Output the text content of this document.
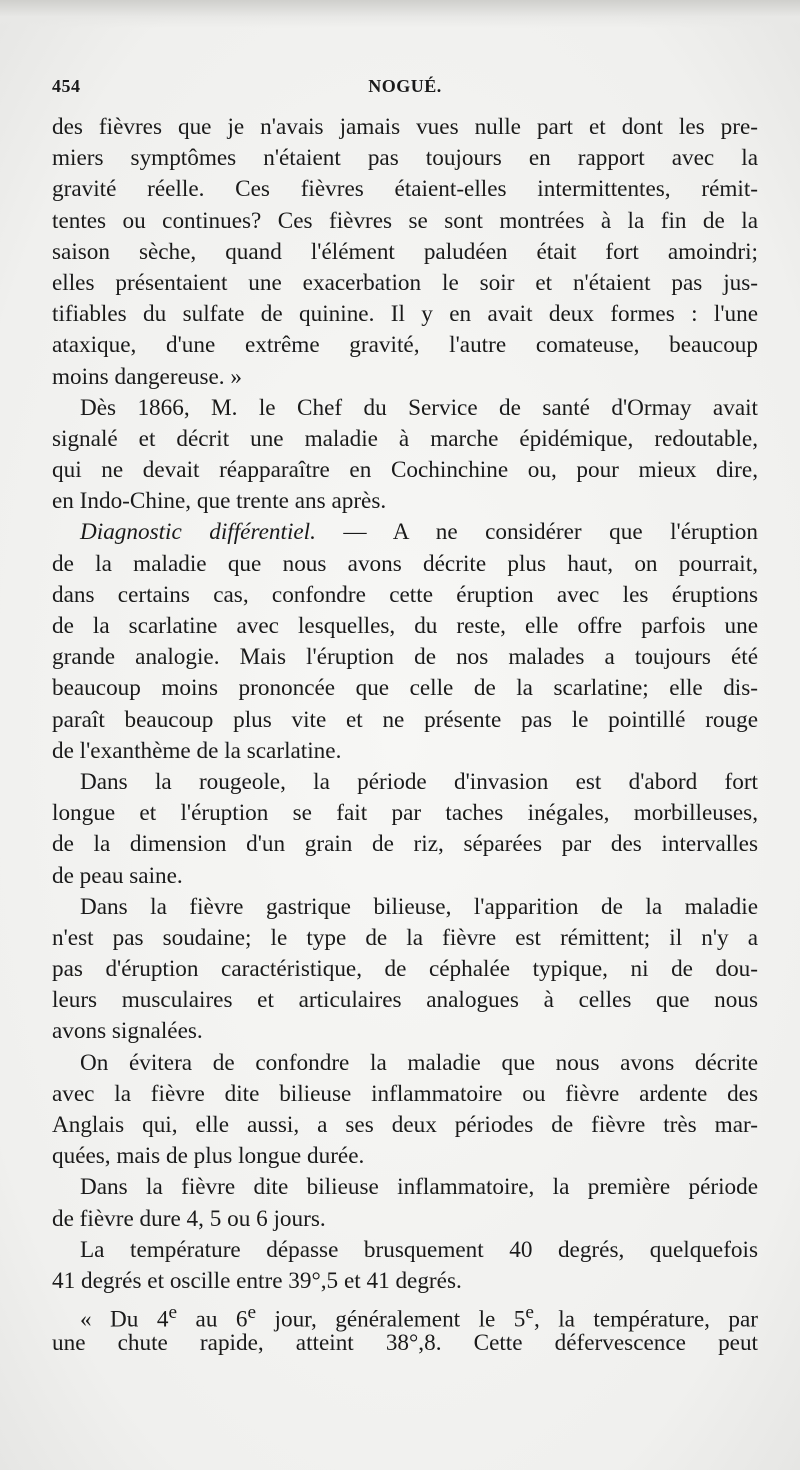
454	NOGUÉ.
des fièvres que je n'avais jamais vues nulle part et dont les pre-
miers symptômes n'étaient pas toujours en rapport avec la
gravité réelle. Ces fièvres étaient-elles intermittentes, rémit-
tentes ou continues? Ces fièvres se sont montrées à la fin de la
saison sèche, quand l'élément paludéen était fort amoindri;
elles présentaient une exacerbation le soir et n'étaient pas jus-
tifiables du sulfate de quinine. Il y en avait deux formes : l'une
ataxique, d'une extrême gravité, l'autre comateuse, beaucoup
moins dangereuse. »
Dès 1866, M. le Chef du Service de santé d'Ormay avait
signalé et décrit une maladie à marche épidémique, redoutable,
qui ne devait réapparaître en Cochinchine ou, pour mieux dire,
en Indo-Chine, que trente ans après.
Diagnostic différentiel. — A ne considérer que l'éruption
de la maladie que nous avons décrite plus haut, on pourrait,
dans certains cas, confondre cette éruption avec les éruptions
de la scarlatine avec lesquelles, du reste, elle offre parfois une
grande analogie. Mais l'éruption de nos malades a toujours été
beaucoup moins prononcée que celle de la scarlatine; elle dis-
paraît beaucoup plus vite et ne présente pas le pointillé rouge
de l'exanthème de la scarlatine.
Dans la rougeole, la période d'invasion est d'abord fort
longue et l'éruption se fait par taches inégales, morbilleuses,
de la dimension d'un grain de riz, séparées par des intervalles
de peau saine.
Dans la fièvre gastrique bilieuse, l'apparition de la maladie
n'est pas soudaine; le type de la fièvre est rémittent; il n'y a
pas d'éruption caractéristique, de céphalée typique, ni de dou-
leurs musculaires et articulaires analogues à celles que nous
avons signalées.
On évitera de confondre la maladie que nous avons décrite
avec la fièvre dite bilieuse inflammatoire ou fièvre ardente des
Anglais qui, elle aussi, a ses deux périodes de fièvre très mar-
quées, mais de plus longue durée.
Dans la fièvre dite bilieuse inflammatoire, la première période
de fièvre dure 4, 5 ou 6 jours.
La température dépasse brusquement 40 degrés, quelquefois
41 degrés et oscille entre 39°,5 et 41 degrés.
« Du 4e au 6e jour, généralement le 5e, la température, par
une chute rapide, atteint 38°,8. Cette défervescence peut
